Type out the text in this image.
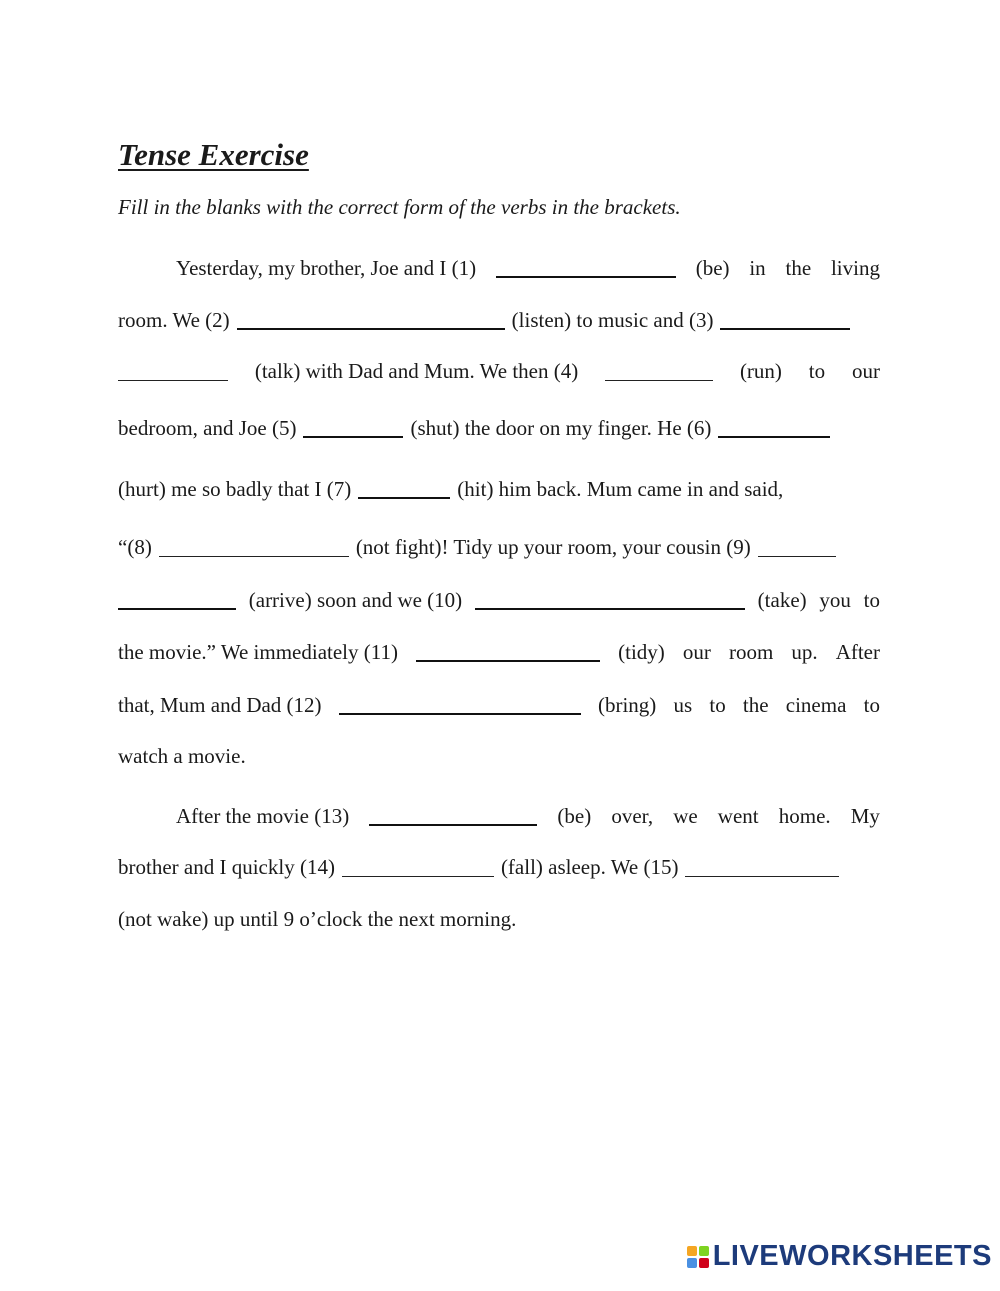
Tense Exercise

Fill in the blanks with the correct form of the verbs in the brackets.

Yesterday, my brother, Joe and I (1)	(be) in the living
room. We (2)	(listen) to music and (3)
(talk) with Dad and Mum. We then (4)	(run) to our
bedroom, and Joe (5)	(shut) the door on my finger. He (6)
(hurt) me so badly that I (7)	(hit) him back. Mum came in and said,
“(8)	(not fight)! Tidy up your room, your cousin (9)
(arrive) soon and we (10)	(take) you to
the movie.” We immediately (11)	(tidy) our room up. After
that, Mum and Dad (12)	(bring) us to the cinema to
watch a movie.
After the movie (13)	(be) over, we went home. My
brother and I quickly (14)	(fall) asleep. We (15)
(not wake) up until 9 o’clock the next morning.
LIVEWORKSHEETS
